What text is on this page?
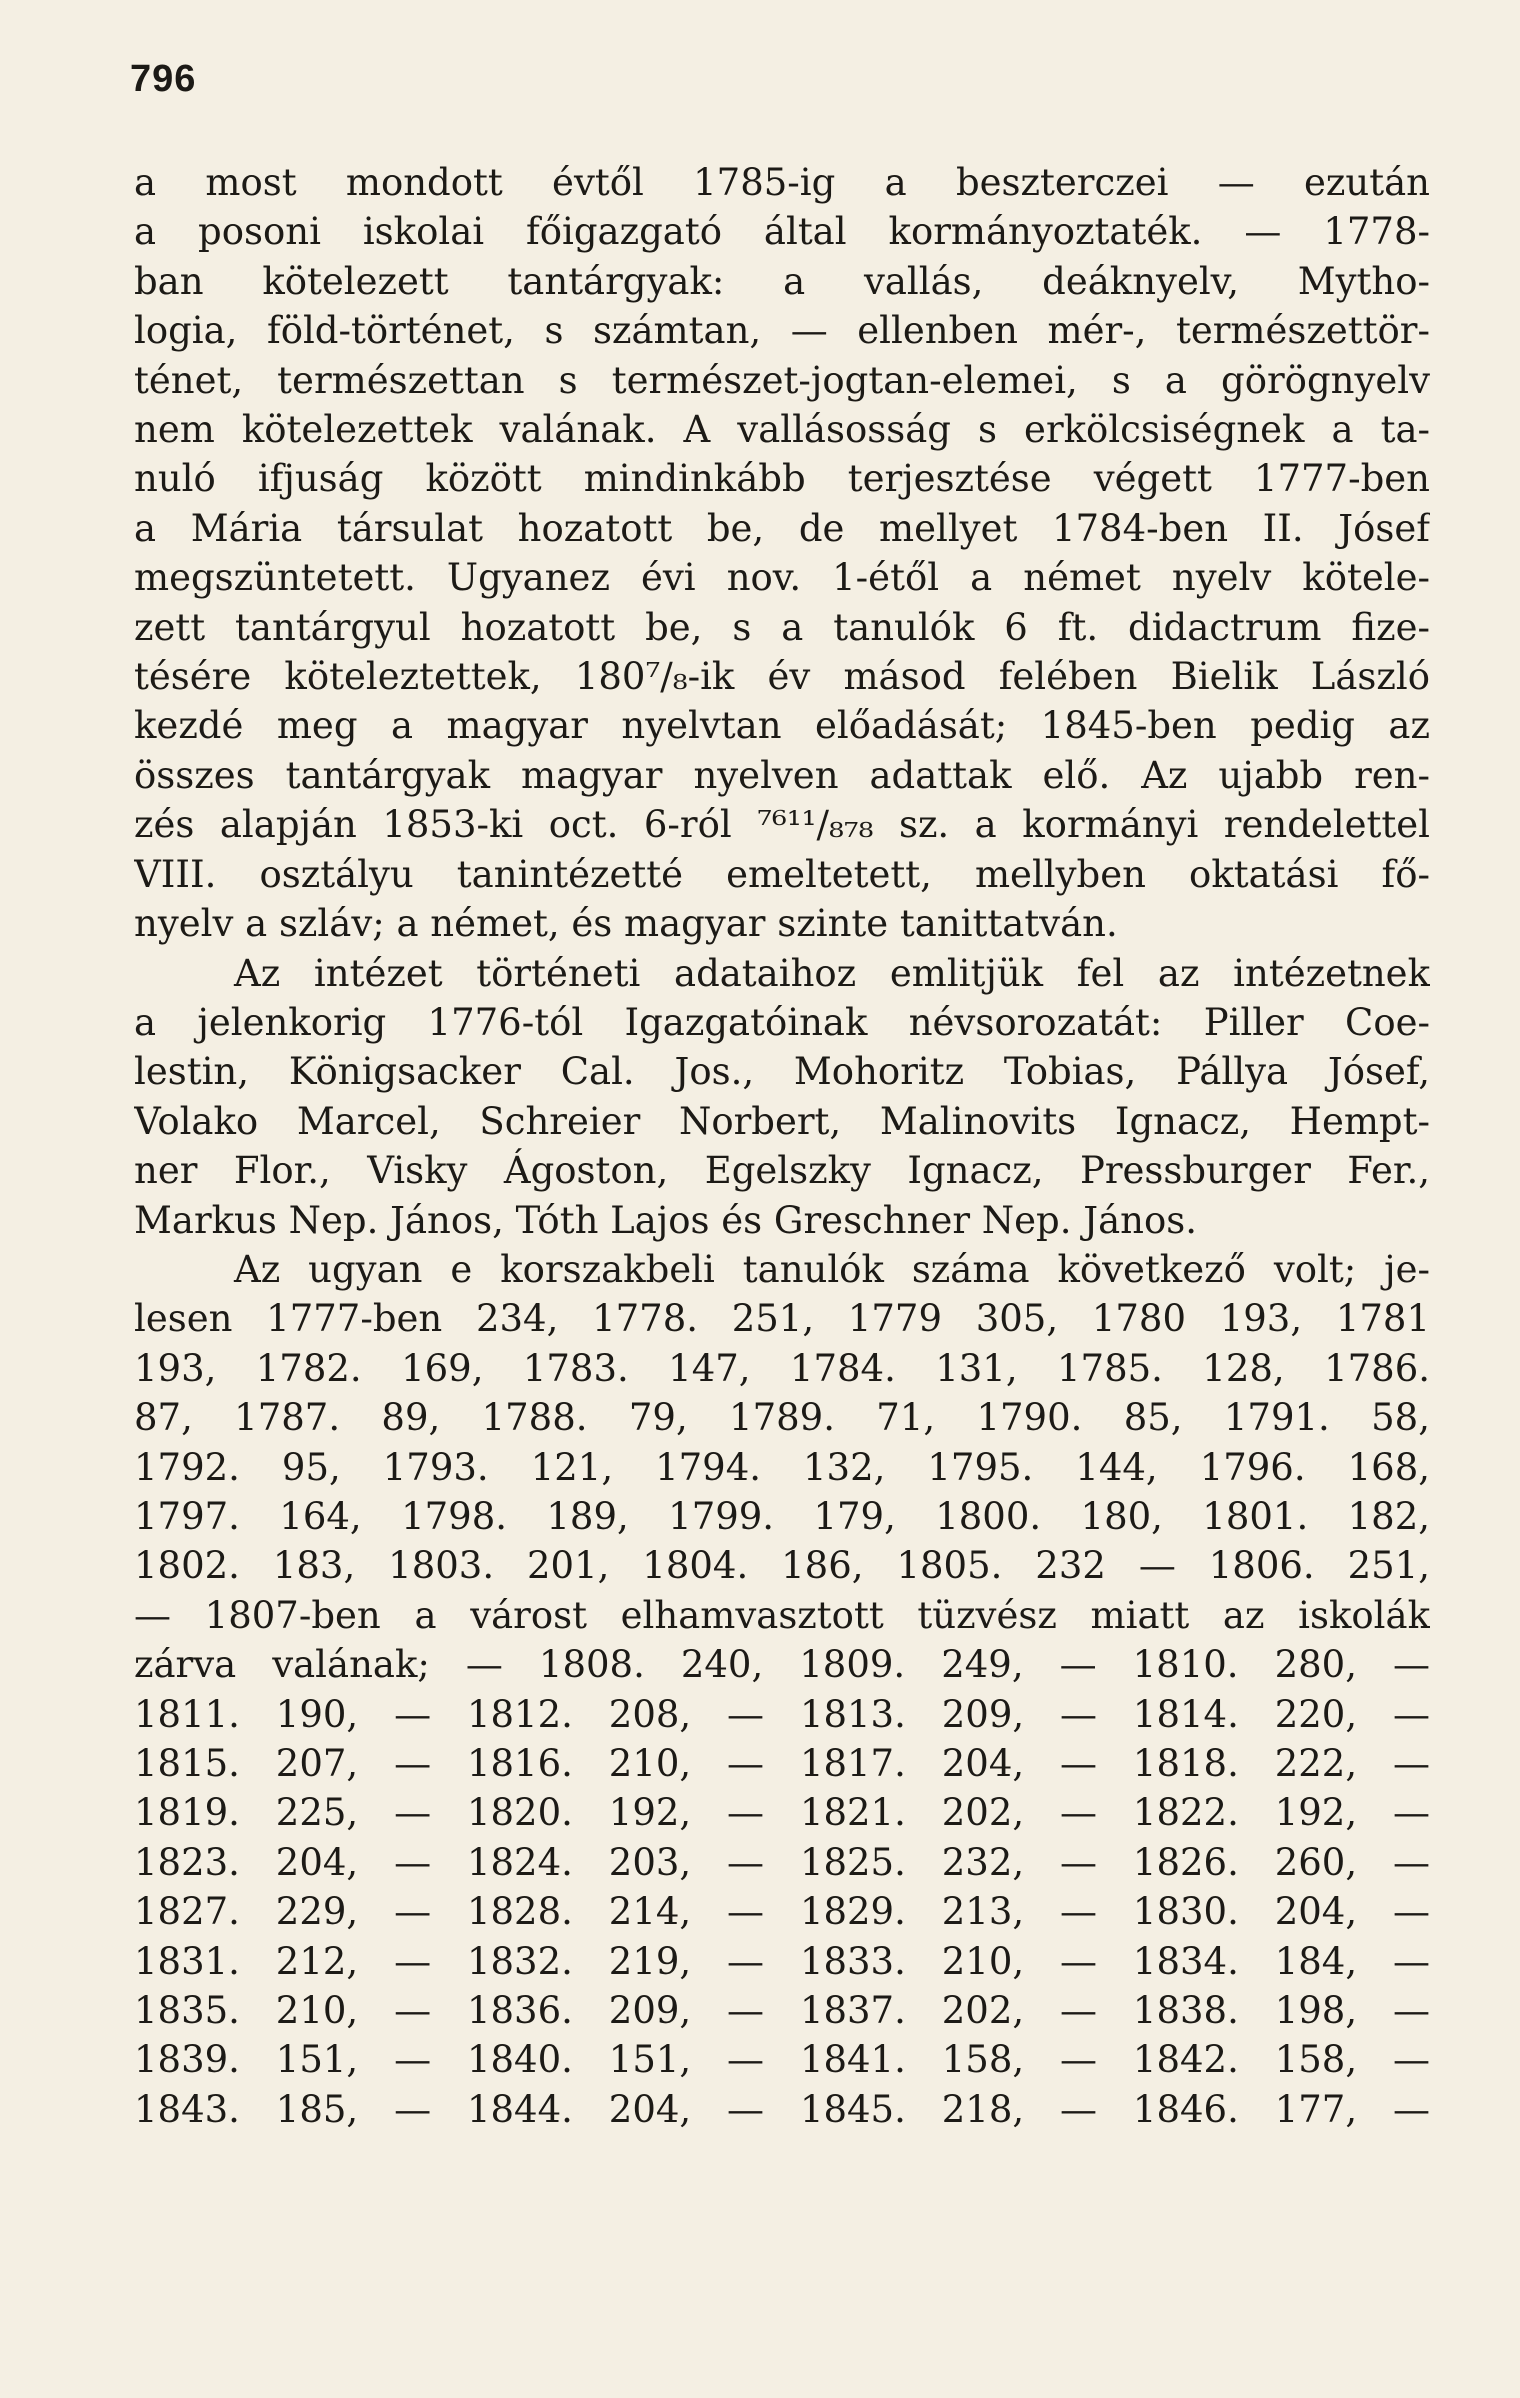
796
a most mondott évtől 1785-ig a beszterczei — ezután
a posoni iskolai főigazgató által kormányoztaték. — 1778-
ban kötelezett tantárgyak: a vallás, deáknyelv, Mytho-
logia, föld-történet, s számtan, — ellenben mér-, természettör-
ténet, természettan s természet-jogtan-elemei, s a görögnyelv
nem kötelezettek valának. A vallásosság s erkölcsiségnek a ta-
nuló ifjuság között mindinkább terjesztése végett 1777-ben
a Mária társulat hozatott be, de mellyet 1784-ben II. Jósef
megszüntetett. Ugyanez évi nov. 1-étől a német nyelv kötele-
zett tantárgyul hozatott be, s a tanulók 6 ft. didactrum fize-
tésére köteleztettek, 180⁷/₈-ik év másod felében Bielik László
kezdé meg a magyar nyelvtan előadását; 1845-ben pedig az
összes tantárgyak magyar nyelven adattak elő. Az ujabb ren-
zés alapján 1853-ki oct. 6-ról ⁷⁶¹¹/₈₇₈ sz. a kormányi rendelettel
VIII. osztályu tanintézetté emeltetett, mellyben oktatási fő-
nyelv a szláv; a német, és magyar szinte tanittatván.
Az intézet történeti adataihoz emlitjük fel az intézetnek
a jelenkorig 1776-tól Igazgatóinak névsorozatát: Piller Coe-
lestin, Königsacker Cal. Jos., Mohoritz Tobias, Pállya Jósef,
Volako Marcel, Schreier Norbert, Malinovits Ignacz, Hempt-
ner Flor., Visky Ágoston, Egelszky Ignacz, Pressburger Fer.,
Markus Nep. János, Tóth Lajos és Greschner Nep. János.
Az ugyan e korszakbeli tanulók száma következő volt; je-
lesen 1777-ben 234, 1778. 251, 1779 305, 1780 193, 1781
193, 1782. 169, 1783. 147, 1784. 131, 1785. 128, 1786.
87, 1787. 89, 1788. 79, 1789. 71, 1790. 85, 1791. 58,
1792. 95, 1793. 121, 1794. 132, 1795. 144, 1796. 168,
1797. 164, 1798. 189, 1799. 179, 1800. 180, 1801. 182,
1802. 183, 1803. 201, 1804. 186, 1805. 232 — 1806. 251,
— 1807-ben a várost elhamvasztott tüzvész miatt az iskolák
zárva valának; — 1808. 240, 1809. 249, — 1810. 280, —
1811. 190, — 1812. 208, — 1813. 209, — 1814. 220, —
1815. 207, — 1816. 210, — 1817. 204, — 1818. 222, —
1819. 225, — 1820. 192, — 1821. 202, — 1822. 192, —
1823. 204, — 1824. 203, — 1825. 232, — 1826. 260, —
1827. 229, — 1828. 214, — 1829. 213, — 1830. 204, —
1831. 212, — 1832. 219, — 1833. 210, — 1834. 184, —
1835. 210, — 1836. 209, — 1837. 202, — 1838. 198, —
1839. 151, — 1840. 151, — 1841. 158, — 1842. 158, —
1843. 185, — 1844. 204, — 1845. 218, — 1846. 177, —
